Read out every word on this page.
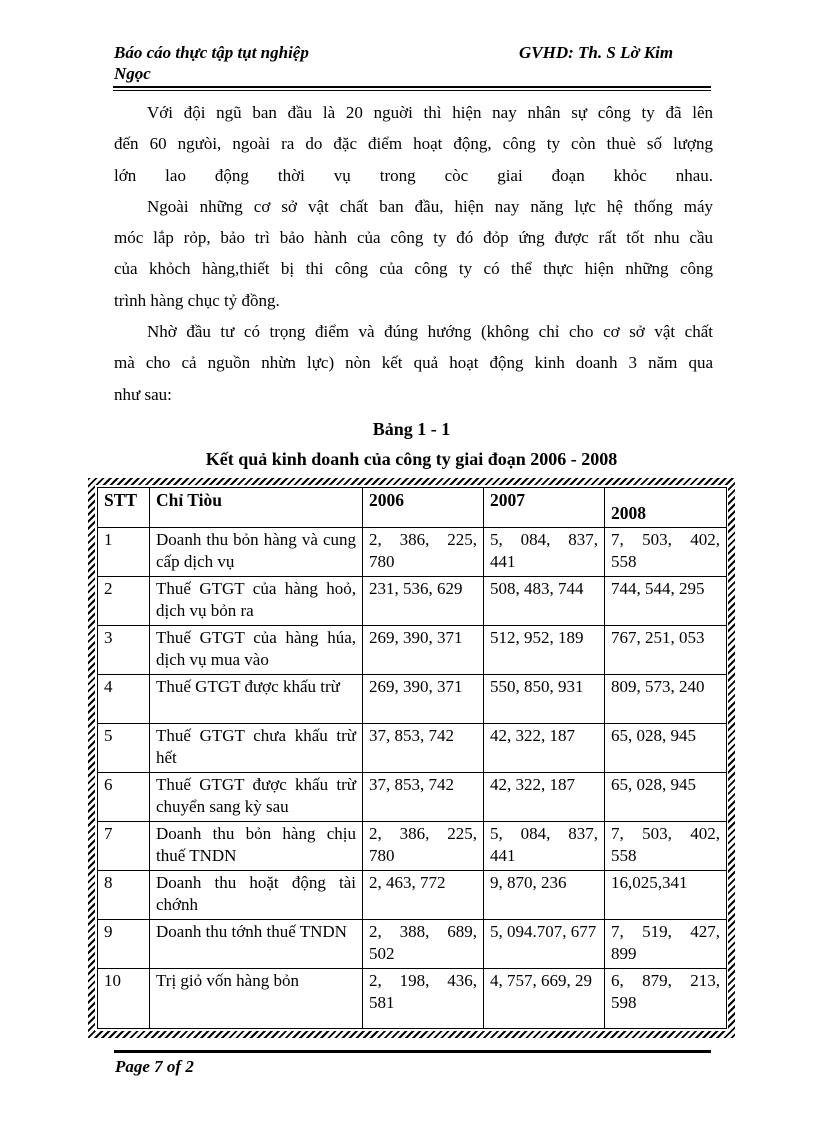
Báo cáo thực tập tụt nghiệp
Ngọc
GVHD: Th. S Lờ Kim
Với đội ngũ ban đầu là 20 nguời thì hiện nay nhân sự công ty đã lên
đến 60 ngưòi, ngoài ra do đặc điểm hoạt động, công ty còn thuè số lượng
lớn lao động thời vụ trong còc giai đoạn khỏc nhau.
Ngoài những cơ sở vật chất ban đầu, hiện nay năng lực hệ thống máy
móc lắp rỏp, bảo trì bảo hành của công ty đó đỏp ứng được rất tốt nhu cầu
của khỏch hàng,thiết bị thi công của công ty có thể thực hiện những công
trình hàng chục tỷ đồng.
Nhờ đầu tư có trọng điểm và đúng hướng (không chỉ cho cơ sở vật chất
mà cho cả nguồn nhừn lực) nòn kết quả hoạt động kinh doanh 3 năm qua
như sau:
Bảng 1 - 1
Kết quả kinh doanh của công ty giai đoạn 2006 - 2008
STT	Chỉ Tiòu	2006	2007	2008
1	Doanh thu bỏn hàng và cung cấp dịch vụ	2, 386, 225, 780	5, 084, 837, 441	7, 503, 402, 558
2	Thuế GTGT của hàng hoỏ, dịch vụ bỏn ra	231, 536, 629	508, 483, 744	744, 544, 295
3	Thuế GTGT của hàng húa, dịch vụ mua vào	269, 390, 371	512, 952, 189	767, 251, 053
4	Thuế GTGT được khấu trừ	269, 390, 371	550, 850, 931	809, 573, 240
5	Thuế GTGT chưa khấu trừ hết	37, 853, 742	42, 322, 187	65, 028, 945
6	Thuế GTGT được khấu trừ chuyển sang kỳ sau	37, 853, 742	42, 322, 187	65, 028, 945
7	Doanh thu bỏn hàng chịu thuế TNDN	2, 386, 225, 780	5, 084, 837, 441	7, 503, 402, 558
8	Doanh thu hoặt động tài chớnh	2, 463, 772	9, 870, 236	16,025,341
9	Doanh thu tớnh thuế TNDN	2, 388, 689, 502	5, 094.707, 677	7, 519, 427, 899
10	Trị giỏ vốn hàng bỏn	2, 198, 436, 581	4, 757, 669, 29	6, 879, 213, 598
Page 7 of 2
